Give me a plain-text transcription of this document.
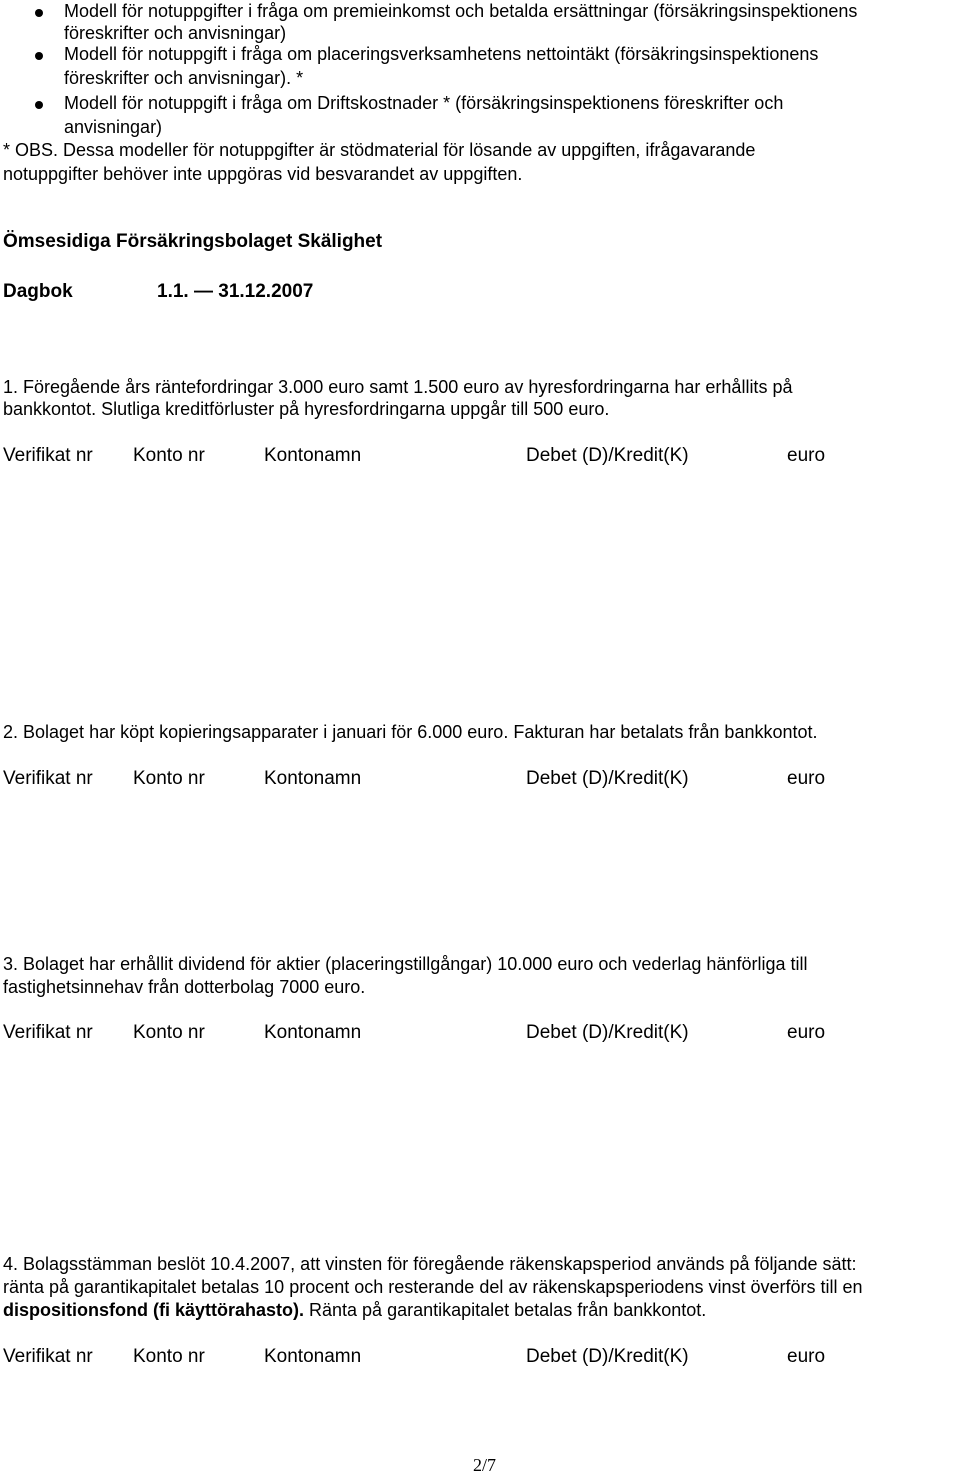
Modell för notuppgifter i fråga om premieinkomst och betalda ersättningar (försäkringsinspektionens
föreskrifter och anvisningar)
Modell för notuppgift i fråga om placeringsverksamhetens nettointäkt (försäkringsinspektionens
föreskrifter och anvisningar). *
Modell för notuppgift i fråga om Driftskostnader * (försäkringsinspektionens föreskrifter och
anvisningar)
* OBS. Dessa modeller för notuppgifter är stödmaterial för lösande av uppgiften, ifrågavarande
notuppgifter behöver inte uppgöras vid besvarandet av uppgiften.
Ömsesidiga Försäkringsbolaget Skälighet
Dagbok	1.1. — 31.12.2007
1. Föregående års räntefordringar 3.000 euro samt 1.500 euro av hyresfordringarna har erhållits på
bankkontot. Slutliga kreditförluster på hyresfordringarna uppgår till 500 euro.
Verifikat nr Konto nr	Kontonamn	Debet (D)/Kredit(K)	euro
2. Bolaget har köpt kopieringsapparater i januari för 6.000 euro. Fakturan har betalats från bankkontot.
Verifikat nr Konto nr	Kontonamn	Debet (D)/Kredit(K)	euro
3. Bolaget har erhållit dividend för aktier (placeringstillgångar) 10.000 euro och vederlag hänförliga till
fastighetsinnehav från dotterbolag 7000 euro.
Verifikat nr Konto nr	Kontonamn	Debet (D)/Kredit(K)	euro
4. Bolagsstämman beslöt 10.4.2007, att vinsten för föregående räkenskapsperiod används på följande sätt:
ränta på garantikapitalet betalas 10 procent och resterande del av räkenskapsperiodens vinst överförs till en
dispositionsfond (fi käyttörahasto). Ränta på garantikapitalet betalas från bankkontot.
Verifikat nr Konto nr	Kontonamn	Debet (D)/Kredit(K)	euro
2/7
